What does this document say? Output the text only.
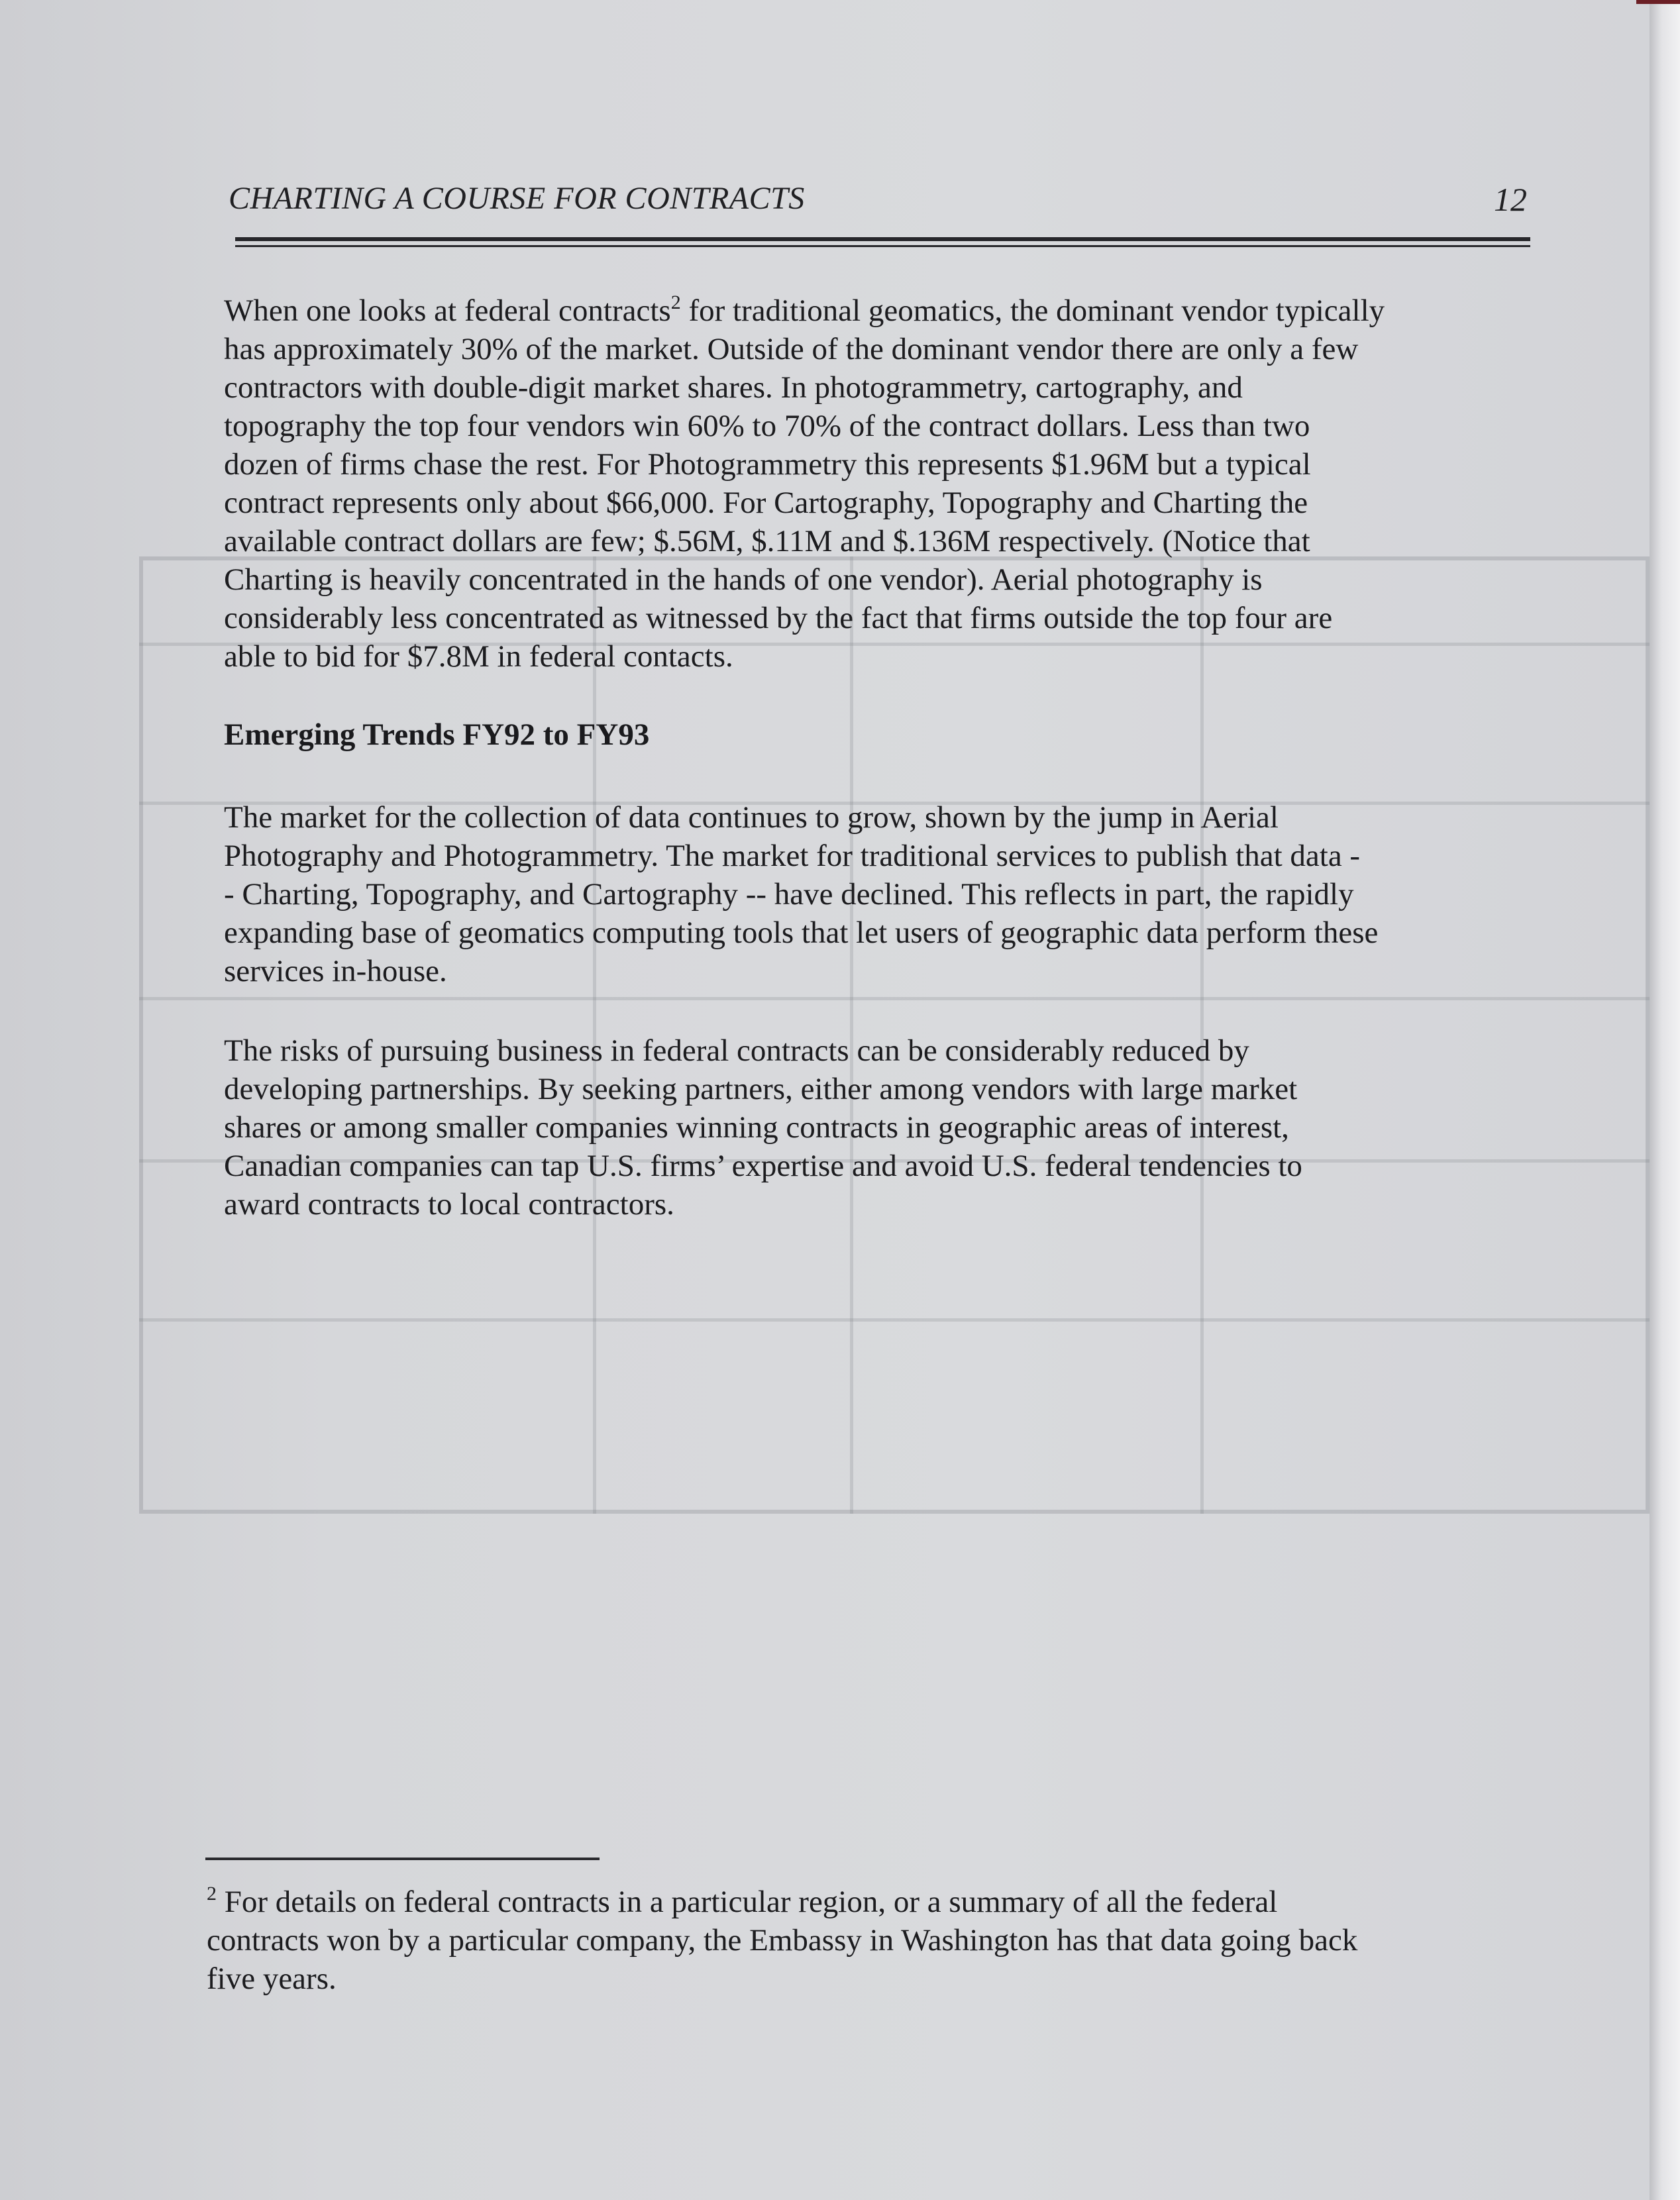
CHARTING A COURSE FOR CONTRACTS	12
When one looks at federal contracts$^2$ for traditional geomatics, the dominant vendor typically
has approximately 30% of the market. Outside of the dominant vendor there are only a few
contractors with double-digit market shares. In photogrammetry, cartography, and
topography the top four vendors win 60% to 70% of the contract dollars. Less than two
dozen of firms chase the rest. For Photogrammetry this represents $1.96M but a typical
contract represents only about $66,000. For Cartography, Topography and Charting the
available contract dollars are few; $.56M, $.11M and $.136M respectively. (Notice that
Charting is heavily concentrated in the hands of one vendor). Aerial photography is
considerably less concentrated as witnessed by the fact that firms outside the top four are
able to bid for $7.8M in federal contacts.
Emerging Trends FY92 to FY93
The market for the collection of data continues to grow, shown by the jump in Aerial
Photography and Photogrammetry. The market for traditional services to publish that data -
- Charting, Topography, and Cartography -- have declined. This reflects in part, the rapidly
expanding base of geomatics computing tools that let users of geographic data perform these
services in-house.
The risks of pursuing business in federal contracts can be considerably reduced by
developing partnerships. By seeking partners, either among vendors with large market
shares or among smaller companies winning contracts in geographic areas of interest,
Canadian companies can tap U.S. firms’ expertise and avoid U.S. federal tendencies to
award contracts to local contractors.
$^2$ For details on federal contracts in a particular region, or a summary of all the federal
contracts won by a particular company, the Embassy in Washington has that data going back
five years.
